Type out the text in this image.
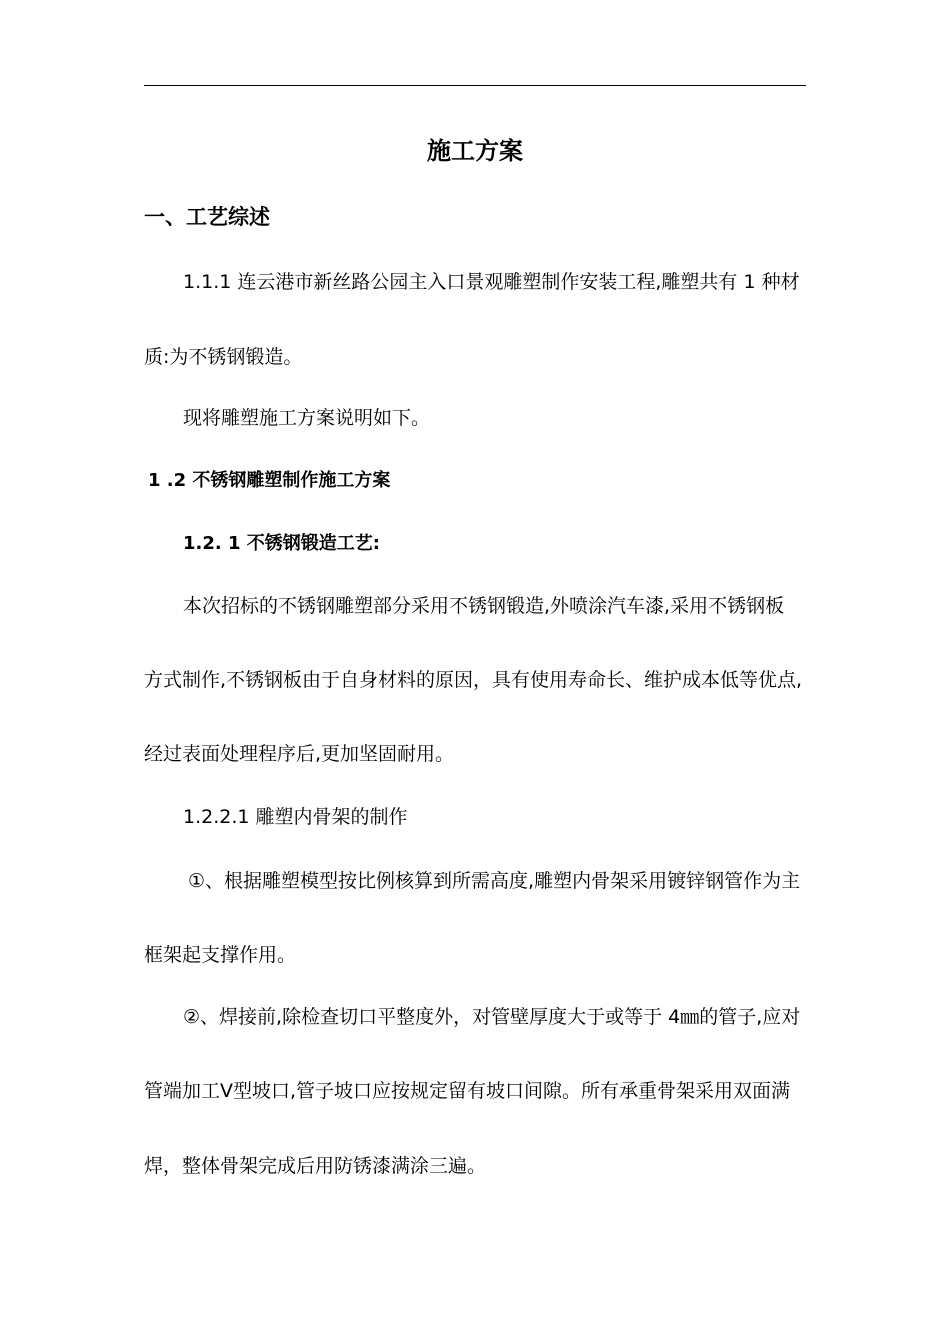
施工方案
一、工艺综述
1.1.1 连云港市新丝路公园主入口景观雕塑制作安装工程,雕塑共有 1 种材
质:为不锈钢锻造。
现将雕塑施工方案说明如下。
1 .2 不锈钢雕塑制作施工方案
1.2. 1 不锈钢锻造工艺:
本次招标的不锈钢雕塑部分采用不锈钢锻造,外喷涂汽车漆,采用不锈钢板
方式制作,不锈钢板由于自身材料的原因，具有使用寿命长、维护成本低等优点,
经过表面处理程序后,更加坚固耐用。
1.2.2.1 雕塑内骨架的制作
①、根据雕塑模型按比例核算到所需高度,雕塑内骨架采用镀锌钢管作为主
框架起支撑作用。
②、焊接前,除检查切口平整度外，对管壁厚度大于或等于 4㎜的管子,应对
管端加工Ⅴ型坡口,管子坡口应按规定留有坡口间隙。所有承重骨架采用双面满
焊，整体骨架完成后用防锈漆满涂三遍。
